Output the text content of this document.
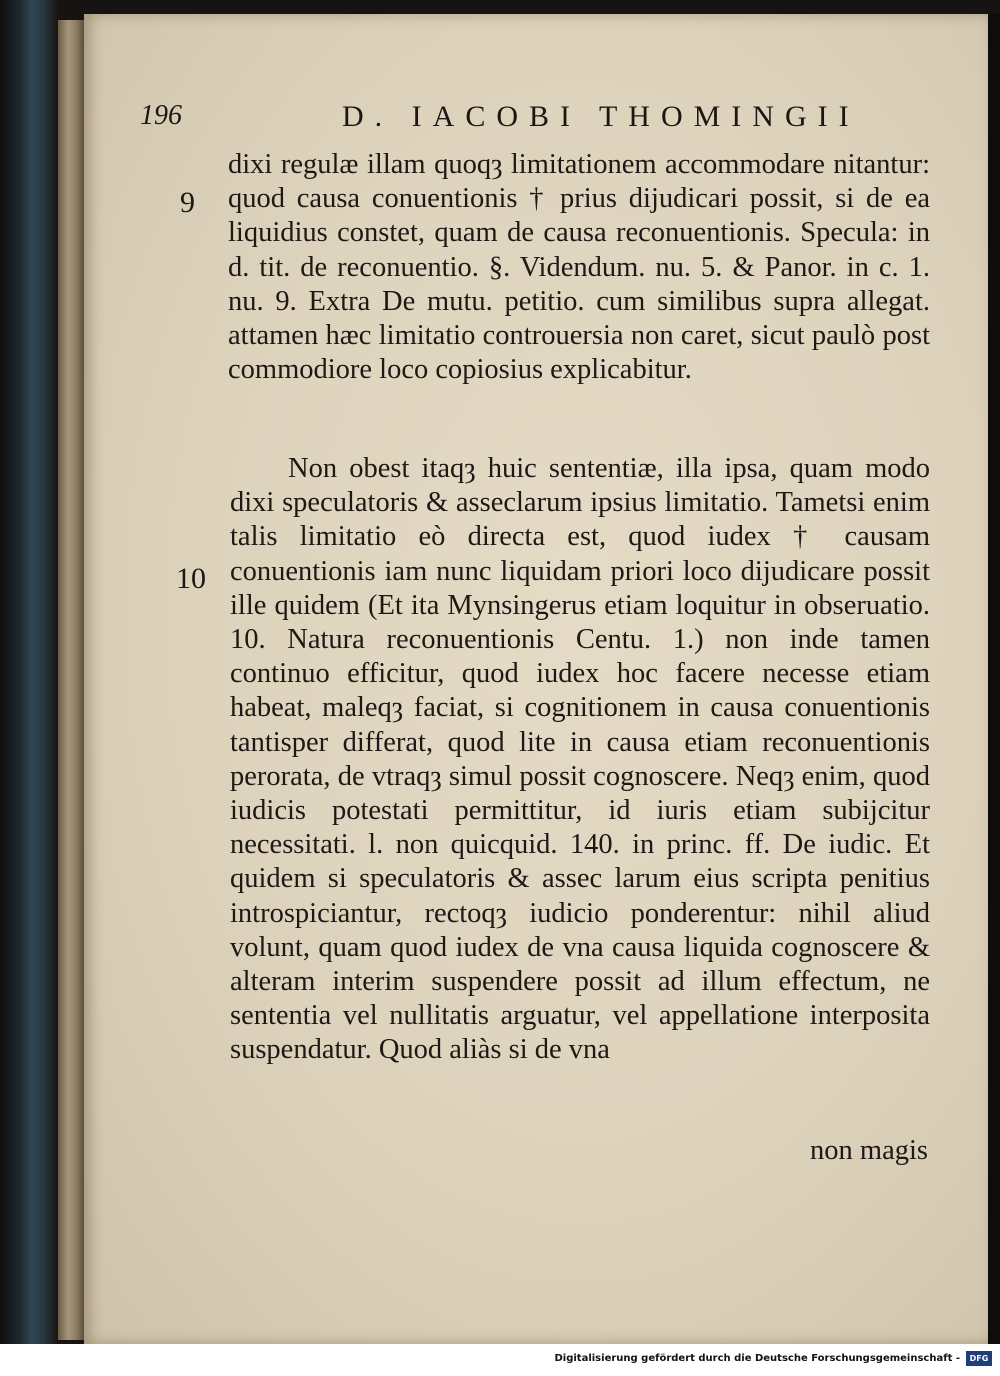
196	D. IACOBI THOMINGII
9
10

dixi regulæ illam quoqȝ limitationem accommodare nitantur: quod causa conuentionis † prius dijudicari possit, si de ea liquidius constet, quam de causa reconuentionis. Specula: in d. tit. de reconuentio. §. Videndum. nu. 5. & Panor. in c. 1. nu. 9. Extra De mutu. petitio. cum similibus supra allegat. attamen hæc limitatio controuersia non caret, sicut paulò post commodiore loco copiosius explicabitur.

Non obest itaqȝ huic sententiæ, illa ipsa, quam modo dixi speculatoris & asseclarum ipsius limitatio. Tametsi enim talis limitatio eò directa est, quod iudex † causam conuentionis iam nunc liquidam priori loco dijudicare possit ille quidem (Et ita Mynsingerus etiam loquitur in obseruatio. 10. Natura reconuentionis Centu. 1.) non inde tamen continuo efficitur, quod iudex hoc facere necesse etiam habeat, maleqȝ faciat, si cognitionem in causa conuentionis tantisper differat, quod lite in causa etiam reconuentionis perorata, de vtraqȝ simul possit cognoscere. Neqȝ enim, quod iudicis potestati permittitur, id iuris etiam subijcitur necessitati. l. non quicquid. 140. in princ. ff. De iudic. Et quidem si speculatoris & assec larum eius scripta penitius introspiciantur, rectoqȝ iudicio ponderentur: nihil aliud volunt, quam quod iudex de vna causa liquida cognoscere & alteram interim suspendere possit ad illum effectum, ne sententia vel nullitatis arguatur, vel appellatione interposita suspendatur. Quod aliàs si de vna

non magis
Digitalisierung gefördert durch die Deutsche Forschungsgemeinschaft -	DFG
